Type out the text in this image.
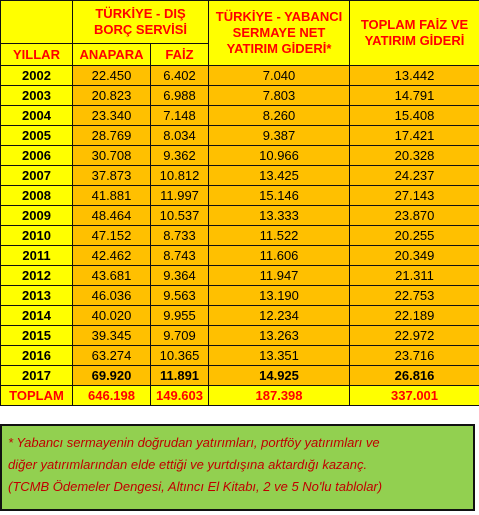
	TÜRKİYE - DIŞ
BORÇ SERVİSİ		TÜRKİYE - YABANCI
SERMAYE NET
YATIRIM GİDERİ*	TOPLAM FAİZ VE
YATIRIM GİDERİ

YILLAR	ANAPARA	FAİZ		
2002	22.450	6.402	7.040	13.442
2003	20.823	6.988	7.803	14.791
2004	23.340	7.148	8.260	15.408
2005	28.769	8.034	9.387	17.421
2006	30.708	9.362	10.966	20.328
2007	37.873	10.812	13.425	24.237
2008	41.881	11.997	15.146	27.143
2009	48.464	10.537	13.333	23.870
2010	47.152	8.733	11.522	20.255
2011	42.462	8.743	11.606	20.349
2012	43.681	9.364	11.947	21.311
2013	46.036	9.563	13.190	22.753
2014	40.020	9.955	12.234	22.189
2015	39.345	9.709	13.263	22.972
2016	63.274	10.365	13.351	23.716
2017	69.920	11.891	14.925	26.816
TOPLAM	646.198	149.603	187.398	337.001
* Yabancı sermayenin doğrudan yatırımları, portföy yatırımları ve
diğer yatırımlarından elde ettiği ve yurtdışına aktardığı kazanç.
(TCMB Ödemeler Dengesi, Altıncı El Kitabı, 2 ve 5 No'lu tablolar)
